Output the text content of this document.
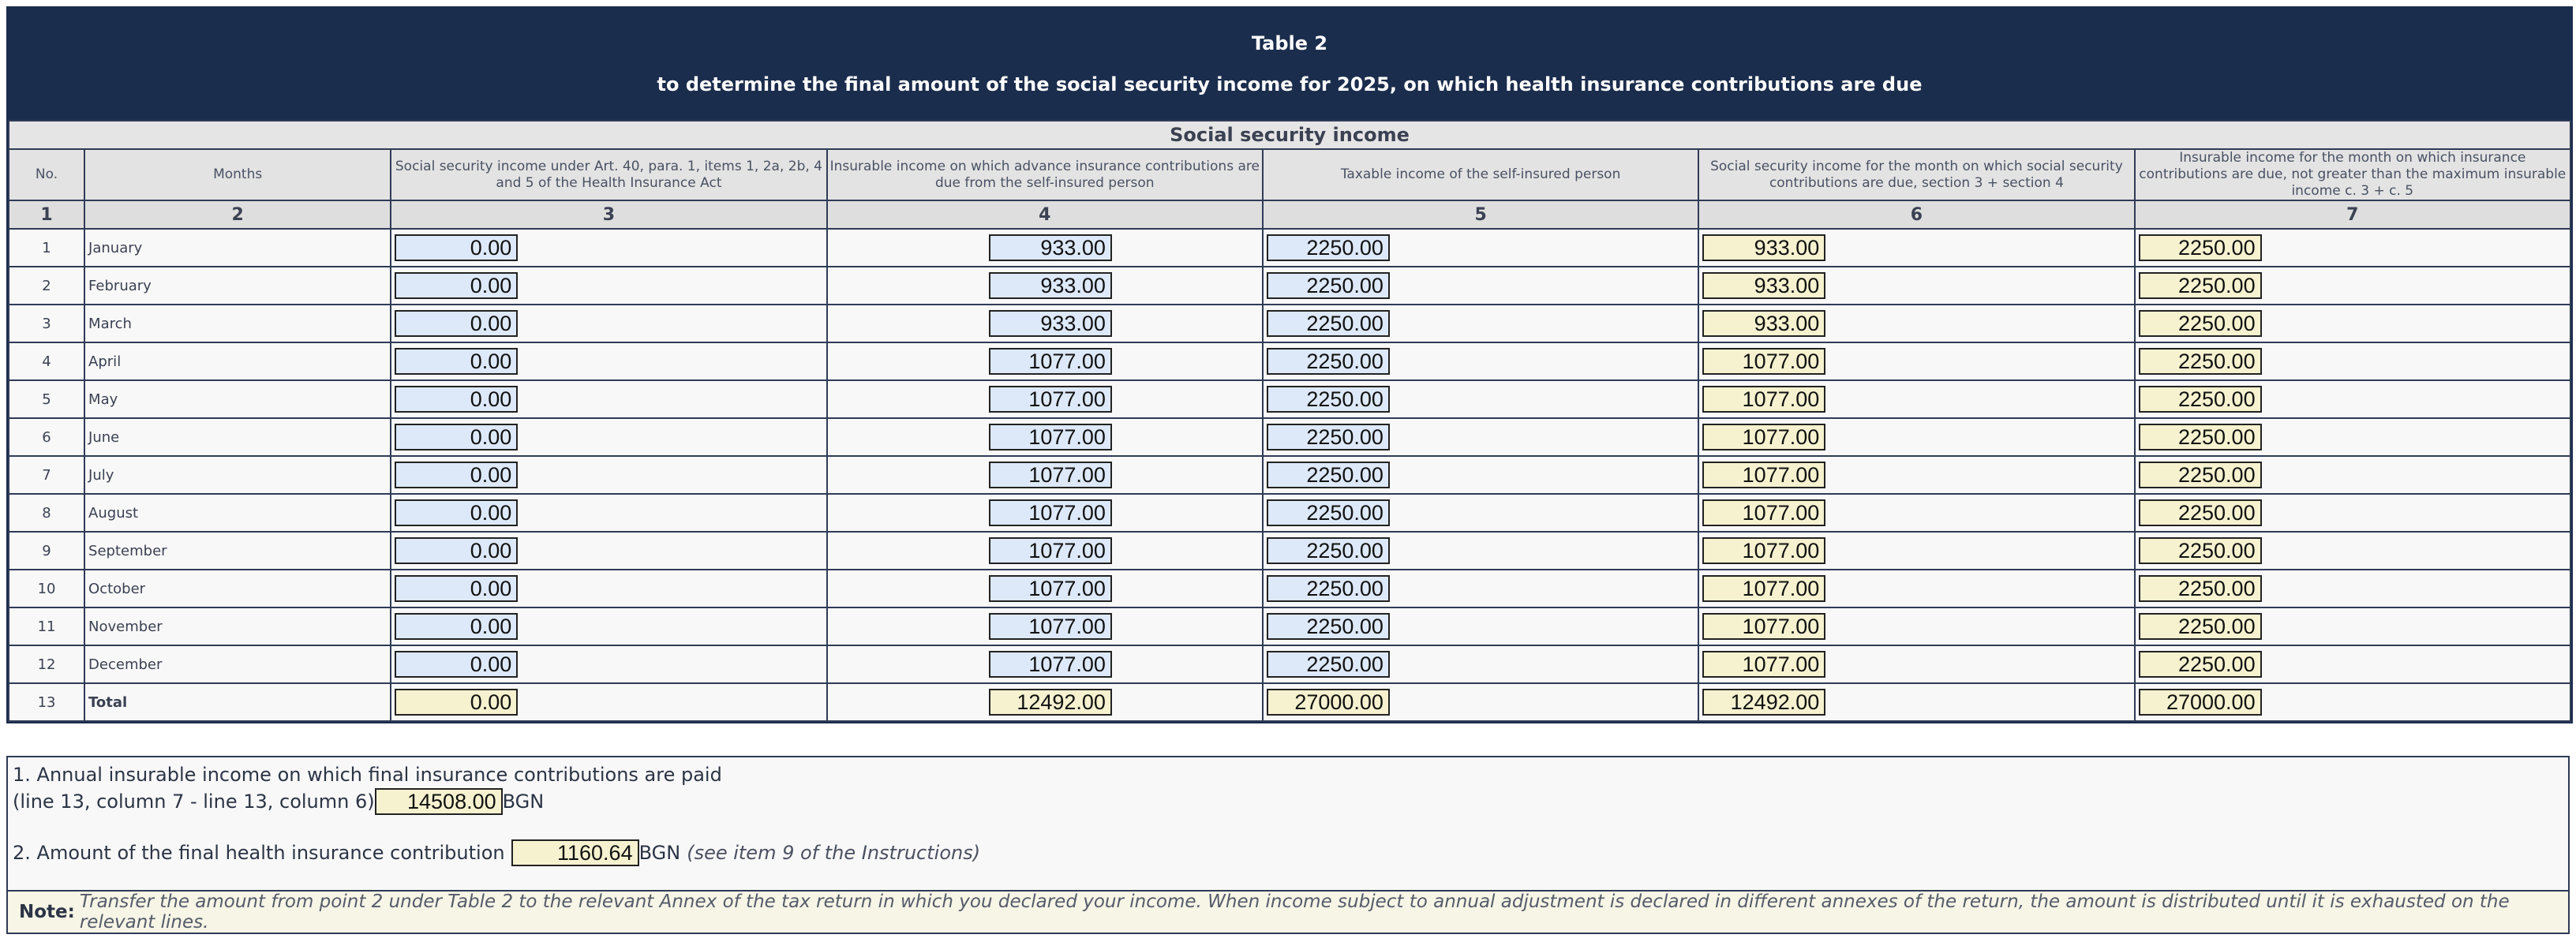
Table 2
to determine the final amount of the social security income for 2025, on which health insurance contributions are due
Social security income						
No.	Months	Social security income under Art. 40, para. 1, items 1, 2a, 2b, 4 and 5 of the Health Insurance Act	Insurable income on which advance insurance contributions are due from the self-insured person	Taxable income of the self-insured person	Social security income for the month on which social security contributions are due, section 3 + section 4	Insurable income for the month on which insurance contributions are due, not greater than the maximum insurable income c. 3 + c. 5
1	2	3	4	5	6	7
1	January	0.00	933.00	2250.00	933.00	2250.00

2	February	0.00	933.00	2250.00	933.00	2250.00

3	March	0.00	933.00	2250.00	933.00	2250.00

4	April	0.00	1077.00	2250.00	1077.00	2250.00

5	May	0.00	1077.00	2250.00	1077.00	2250.00

6	June	0.00	1077.00	2250.00	1077.00	2250.00

7	July	0.00	1077.00	2250.00	1077.00	2250.00

8	August	0.00	1077.00	2250.00	1077.00	2250.00

9	September	0.00	1077.00	2250.00	1077.00	2250.00

10	October	0.00	1077.00	2250.00	1077.00	2250.00

11	November	0.00	1077.00	2250.00	1077.00	2250.00

12	December	0.00	1077.00	2250.00	1077.00	2250.00

13	Total	0.00	12492.00	27000.00	12492.00	27000.00
1. Annual insurable income on which final insurance contributions are paid
(line 13, column 7 - line 13, column 6)	14508.00 BGN
2. Amount of the final health insurance contribution	1160.64 BGN (see item 9 of the Instructions)
Note: Transfer the amount from point 2 under Table 2 to the relevant Annex of the tax return in which you declared your income. When income subject to annual adjustment is declared in different annexes of the return, the amount is distributed until it is exhausted on the relevant lines.
